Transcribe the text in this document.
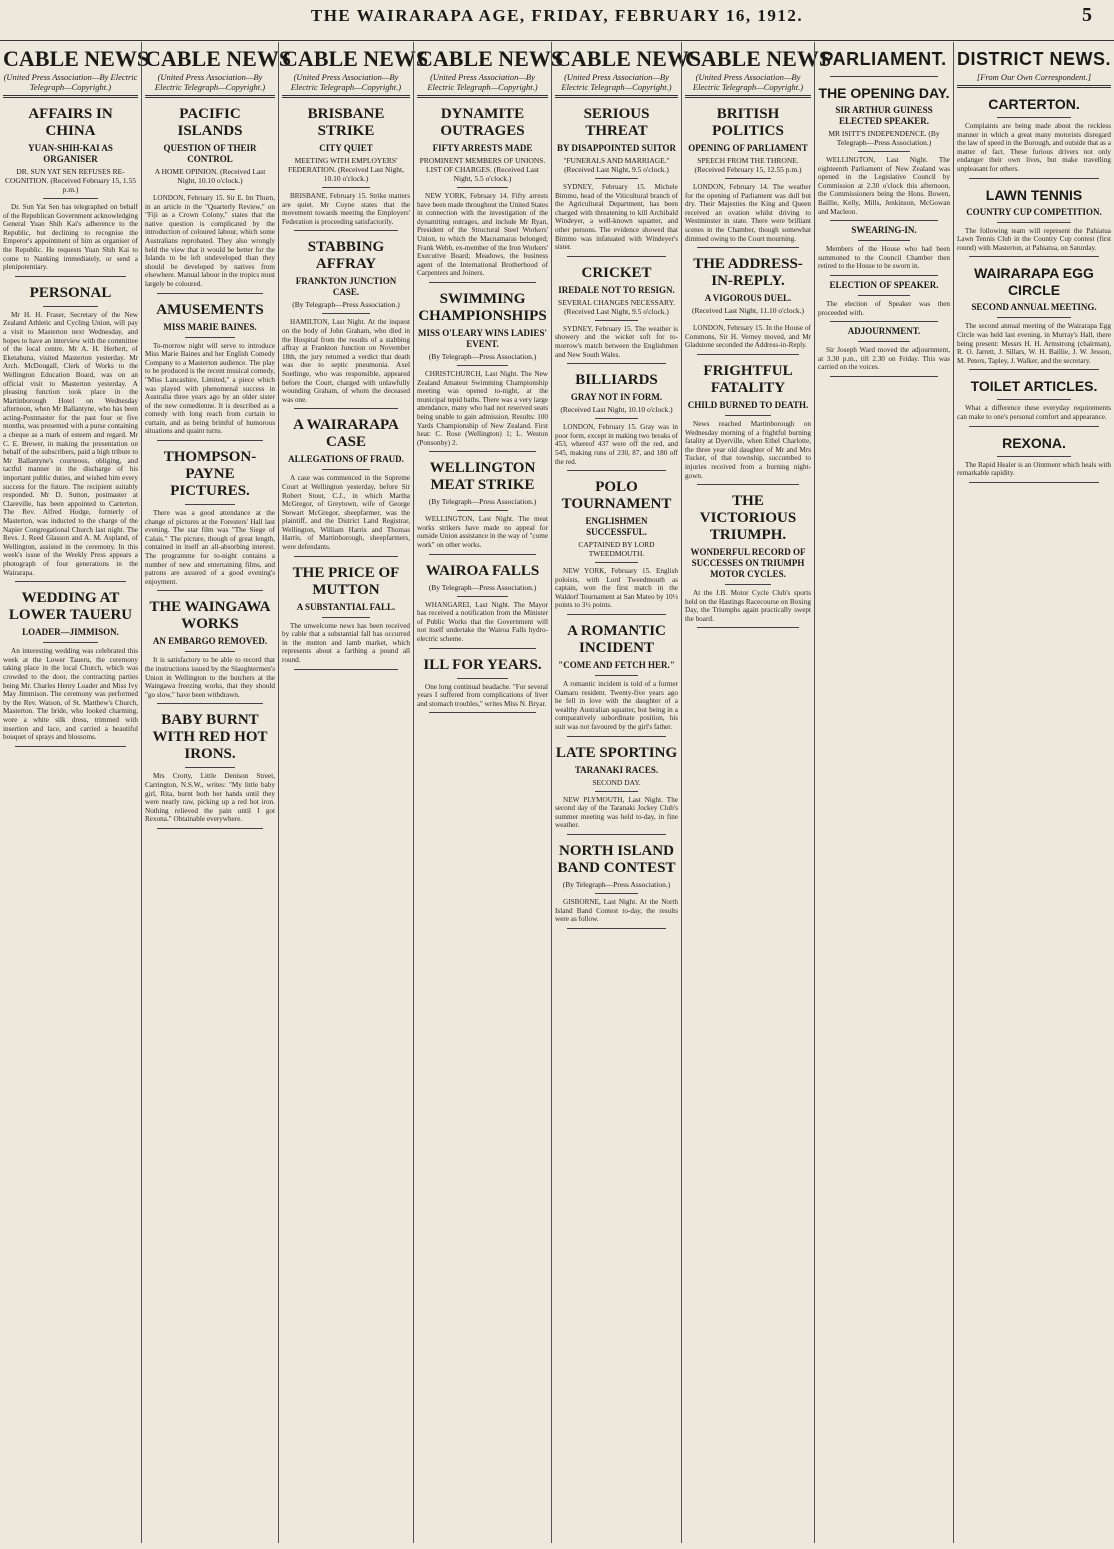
THE WAIRARAPA AGE, FRIDAY, FEBRUARY 16, 1912.	5
CABLE NEWS
(United Press Association—By Electric Telegraph—Copyright.)
AFFAIRS IN CHINA
YUAN-SHIH-KAI AS ORGANISER
DR. SUN YAT SEN REFUSES RE-COGNITION. (Received February 15, 1.55 p.m.)

Dr. Sun Yat Sen has telegraphed on behalf of the Republican Government acknowledging General Yuan Shih Kai's adherence to the Republic, but declining to recognise the Emperor's appointment of him as organiser of the Republic. He requests Yuan Shih Kai to come to Nanking immediately, or send a plenipotentiary.

PERSONAL

Mr H. H. Fraser, Secretary of the New Zealand Athletic and Cycling Union, will pay a visit to Masterton next Wednesday, and hopes to have an interview with the committee of the local centre. Mr A. H. Herbert, of Eketahuna, visited Masterton yesterday. Mr Arch. McDougall, Clerk of Works to the Wellington Education Board, was on an official visit to Masterton yesterday. A pleasing function took place in the Martinborough Hotel on Wednesday afternoon, when Mr Ballantyne, who has been acting-Postmaster for the past four or five months, was presented with a purse containing a cheque as a mark of esteem and regard. Mr C. E. Brewer, in making the presentation on behalf of the subscribers, paid a high tribute to Mr Ballantyne's courteous, obliging, and tactful manner in the discharge of his important public duties, and wished him every success for the future. The recipient suitably responded. Mr D. Sutton, postmaster at Clareville, has been appointed to Carterton. The Rev. Alfred Hodge, formerly of Masterton, was inducted to the charge of the Napier Congregational Church last night. The Revs. J. Reed Glasson and A. M. Aspland, of Wellington, assisted in the ceremony. In this week's issue of the Weekly Press appears a photograph of four generations in the Wairarapa.

WEDDING AT LOWER TAUERU
LOADER—JIMMISON.

An interesting wedding was celebrated this week at the Lower Taueru, the ceremony taking place in the local Church, which was crowded to the door, the contracting parties being Mr. Charles Henry Loader and Miss Ivy May Jimmison. The ceremony was performed by the Rev. Watson, of St. Matthew's Church, Masterton. The bride, who looked charming, wore a white silk dress, trimmed with insertion and lace, and carried a beautiful bouquet of sprays and blossoms.

CABLE NEWS
(United Press Association—By Electric Telegraph—Copyright.)
PACIFIC ISLANDS
QUESTION OF THEIR CONTROL
A HOME OPINION. (Received Last Night, 10.10 o'clock.)

LONDON, February 15. Sir E. Im Thurn, in an article in the "Quarterly Review," on "Fiji as a Crown Colony," states that the native question is complicated by the introduction of coloured labour, which some Australians reprobated. They also wrongly held the view that it would be better for the Islands to be left undeveloped than they should be developed by natives from elsewhere. Manual labour in the tropics must largely be coloured.

AMUSEMENTS
MISS MARIE BAINES.

To-morrow night will serve to introduce Miss Marie Baines and her English Comedy Company to a Masterton audience. The play to be produced is the recent musical comedy, "Miss Lancashire, Limited," a piece which was played with phenomenal success in Australia three years ago by an older sister of the new comedienne. It is described as a comedy with long reach from curtain to curtain, and as being brimful of humorous situations and quaint turns.

THOMPSON-PAYNE PICTURES.

There was a good attendance at the change of pictures at the Foresters' Hall last evening. The star film was "The Siege of Calais." The picture, though of great length, contained in itself an all-absorbing interest. The programme for to-night contains a number of new and entertaining films, and patrons are assured of a good evening's enjoyment.

THE WAINGAWA WORKS
AN EMBARGO REMOVED.

It is satisfactory to be able to record that the instructions issued by the Slaughtermen's Union in Wellington to the butchers at the Waingawa freezing works, that they should "go slow," have been withdrawn.

BABY BURNT WITH RED HOT IRONS.

Mrs Crotty, Little Denison Street, Carrington, N.S.W., writes: "My little baby girl, Rita, burnt both her hands until they were nearly raw, picking up a red hot iron. Nothing relieved the pain until I got Rexona." Obtainable everywhere.

CABLE NEWS
(United Press Association—By Electric Telegraph—Copyright.)
BRISBANE STRIKE
CITY QUIET
MEETING WITH EMPLOYERS' FEDERATION. (Received Last Night, 10.10 o'clock.)

BRISBANE, February 15. Strike matters are quiet. Mr Coyne states that the movement towards meeting the Employers' Federation is proceeding satisfactorily.

STABBING AFFRAY
FRANKTON JUNCTION CASE.
(By Telegraph—Press Association.)

HAMILTON, Last Night. At the inquest on the body of John Graham, who died in the Hospital from the results of a stabbing affray at Frankton Junction on November 18th, the jury returned a verdict that death was due to septic pneumonia. Axel Soetlinge, who was responsible, appeared before the Court, charged with unlawfully wounding Graham, of whom the deceased was one.

A WAIRARAPA CASE
ALLEGATIONS OF FRAUD.

A case was commenced in the Supreme Court at Wellington yesterday, before Sir Robert Stout, C.J., in which Martha McGregor, of Greytown, wife of George Stewart McGregor, sheepfarmer, was the plaintiff, and the District Land Registrar, Wellington, William Harris and Thomas Harris, of Martinborough, sheepfarmers, were defendants.

THE PRICE OF MUTTON
A SUBSTANTIAL FALL.

The unwelcome news has been received by cable that a substantial fall has occurred in the mutton and lamb market, which represents about a farthing a pound all round.

CABLE NEWS
(United Press Association—By Electric Telegraph—Copyright.)
DYNAMITE OUTRAGES
FIFTY ARRESTS MADE
PROMINENT MEMBERS OF UNIONS. LIST OF CHARGES. (Received Last Night, 5.5 o'clock.)

NEW YORK, February 14. Fifty arrests have been made throughout the United States in connection with the investigation of the dynamiting outrages, and include Mr Ryan, President of the Structural Steel Workers' Union, to which the Macnamaras belonged; Frank Webb, ex-member of the Iron Workers' Executive Board; Meadows, the business agent of the International Brotherhood of Carpenters and Joiners.

SWIMMING CHAMPIONSHIPS
MISS O'LEARY WINS LADIES' EVENT.
(By Telegraph—Press Association.)

CHRISTCHURCH, Last Night. The New Zealand Amateur Swimming Championship meeting was opened to-night, at the municipal tepid baths. There was a very large attendance, many who had not reserved seats being unable to gain admission. Results: 100 Yards Championship of New Zealand. First heat: C. Rose (Wellington) 1; L. Weston (Ponsonby) 2.

WELLINGTON MEAT STRIKE
(By Telegraph—Press Association.)

WELLINGTON, Last Night. The meat works strikers have made no appeal for outside Union assistance in the way of "come work" on other works.

WAIROA FALLS
(By Telegraph—Press Association.)

WHANGAREI, Last Night. The Mayor has received a notification from the Minister of Public Works that the Government will not itself undertake the Wairoa Falls hydro-electric scheme.

ILL FOR YEARS.

One long continual headache. "For several years I suffered from complications of liver and stomach troubles," writes Miss N. Bryar.

CABLE NEWS
(United Press Association—By Electric Telegraph—Copyright.)
SERIOUS THREAT
BY DISAPPOINTED SUITOR
"FUNERALS AND MARRIAGE." (Received Last Night, 9.5 o'clock.)

SYDNEY, February 15. Michele Bimmo, head of the Viticultural branch of the Agricultural Department, has been charged with threatening to kill Archibald Windeyer, a well-known squatter, and other persons. The evidence showed that Bimmo was infatuated with Windeyer's sister.

CRICKET
IREDALE NOT TO RESIGN.
SEVERAL CHANGES NECESSARY. (Received Last Night, 9.5 o'clock.)

SYDNEY, February 15. The weather is showery and the wicket soft for to-morrow's match between the Englishmen and New South Wales.

BILLIARDS
GRAY NOT IN FORM.
(Received Last Night, 10.10 o'clock.)

LONDON, February 15. Gray was in poor form, except in making two breaks of 453, whereof 437 were off the red, and 545, making runs of 230, 87, and 180 off the red.

POLO TOURNAMENT
ENGLISHMEN SUCCESSFUL.
CAPTAINED BY LORD TWEEDMOUTH.

NEW YORK, February 15. English poloists, with Lord Tweedmouth as captain, won the first match in the Waldorf Tournament at San Mateo by 10½ points to 3½ points.

A ROMANTIC INCIDENT
"COME AND FETCH HER."

A romantic incident is told of a former Oamaru resident. Twenty-five years ago he fell in love with the daughter of a wealthy Australian squatter, but being in a comparatively subordinate position, his suit was not favoured by the girl's father.

LATE SPORTING
TARANAKI RACES.
SECOND DAY.

NEW PLYMOUTH, Last Night. The second day of the Taranaki Jockey Club's summer meeting was held to-day, in fine weather.

NORTH ISLAND BAND CONTEST
(By Telegraph—Press Association.)

GISBORNE, Last Night. At the North Island Band Contest to-day, the results were as follow.

CABLE NEWS
(United Press Association—By Electric Telegraph—Copyright.)
BRITISH POLITICS
OPENING OF PARLIAMENT
SPEECH FROM THE THRONE. (Received February 15, 12.55 p.m.)

LONDON, February 14. The weather for the opening of Parliament was dull but dry. Their Majesties the King and Queen received an ovation whilst driving to Westminster in state. There were brilliant scenes in the Chamber, though somewhat dimmed owing to the Court mourning.

THE ADDRESS-IN-REPLY.
A VIGOROUS DUEL.
(Received Last Night, 11.10 o'clock.)

LONDON, February 15. In the House of Commons, Sir H. Verney moved, and Mr Gladstone seconded the Address-in-Reply.

FRIGHTFUL FATALITY
CHILD BURNED TO DEATH.

News reached Martinborough on Wednesday morning of a frightful burning fatality at Dyerville, when Ethel Charlotte, the three year old daughter of Mr and Mrs Tucker, of that township, succumbed to injuries received from a burning night-gown.

THE VICTORIOUS TRIUMPH.
WONDERFUL RECORD OF SUCCESSES ON TRIUMPH MOTOR CYCLES.

At the J.B. Motor Cycle Club's sports held on the Hastings Racecourse on Boxing Day, the Triumphs again practically swept the board.

PARLIAMENT.
THE OPENING DAY.
SIR ARTHUR GUINESS ELECTED SPEAKER.
MR ISITT'S INDEPENDENCE. (By Telegraph—Press Association.)

WELLINGTON, Last Night. The eighteenth Parliament of New Zealand was opened in the Legislative Council by Commission at 2.30 o'clock this afternoon, the Commissioners being the Hons. Bowen, Baillie, Kelly, Mills, Jenkinson, McGowan and Macleon.

SWEARING-IN.

Members of the House who had been summoned to the Council Chamber then retired to the House to be sworn in.

ELECTION OF SPEAKER.

The election of Speaker was then proceeded with.

ADJOURNMENT.

Sir Joseph Ward moved the adjournment, at 3.30 p.m., till 2.30 on Friday. This was carried on the voices.

DISTRICT NEWS.
[From Our Own Correspondent.]
CARTERTON.

Complaints are being made about the reckless manner in which a great many motorists disregard the law of speed in the Borough, and outside that as a matter of fact. These furious drivers not only endanger their own lives, but make travelling unpleasant for others.

LAWN TENNIS
COUNTRY CUP COMPETITION.

The following team will represent the Pahiatua Lawn Tennis Club in the Country Cup contest (first round) with Masterton, at Pahiatua, on Saturday.

WAIRARAPA EGG CIRCLE
SECOND ANNUAL MEETING.

The second annual meeting of the Wairarapa Egg Circle was held last evening, in Murray's Hall, there being present: Messrs H. H. Armstrong (chairman), R. O. Jarrett, J. Sillars, W. H. Baillie, J. W. Jesson, M. Peters, Tapley, J. Walker, and the secretary.

TOILET ARTICLES.

What a difference these everyday requirements can make to one's personal comfort and appearance.

REXONA.

The Rapid Healer is an Ointment which heals with remarkable rapidity.
